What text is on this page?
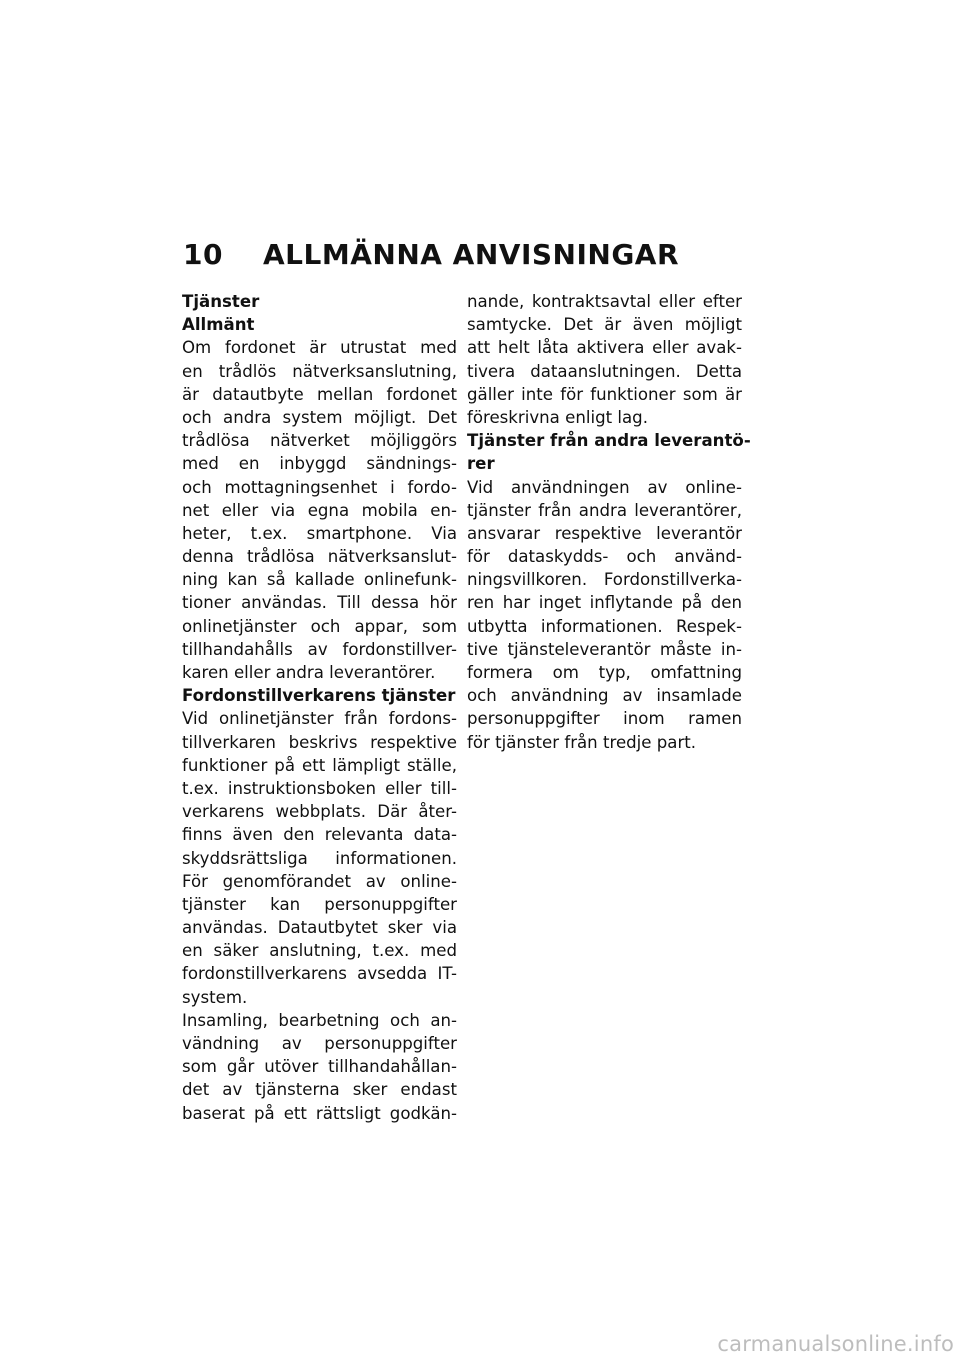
10 ALLMÄNNA ANVISNINGAR
Tjänster
Allmänt
Om fordonet är utrustat med
en trådlös nätverksanslutning,
är datautbyte mellan fordonet
och andra system möjligt. Det
trådlösa nätverket möjliggörs
med en inbyggd sändnings-
och mottagningsenhet i fordo-
net eller via egna mobila en-
heter, t.ex. smartphone. Via
denna trådlösa nätverksanslut-
ning kan så kallade onlinefunk-
tioner användas. Till dessa hör
onlinetjänster och appar, som
tillhandahålls av fordonstillver-
karen eller andra leverantörer.
Fordonstillverkarens tjänster
Vid onlinetjänster från fordons-
tillverkaren beskrivs respektive
funktioner på ett lämpligt ställe,
t.ex. instruktionsboken eller till-
verkarens webbplats. Där åter-
finns även den relevanta data-
skyddsrättsliga informationen.
För genomförandet av online-
tjänster kan personuppgifter
användas. Datautbytet sker via
en säker anslutning, t.ex. med
fordonstillverkarens avsedda IT-
system.
Insamling, bearbetning och an-
vändning av personuppgifter
som går utöver tillhandahållan-
det av tjänsterna sker endast
baserat på ett rättsligt godkän-
nande, kontraktsavtal eller efter
samtycke. Det är även möjligt
att helt låta aktivera eller avak-
tivera dataanslutningen. Detta
gäller inte för funktioner som är
föreskrivna enligt lag.
Tjänster från andra leverantö-
rer
Vid användningen av online-
tjänster från andra leverantörer,
ansvarar respektive leverantör
för dataskydds- och använd-
ningsvillkoren. Fordonstillverka-
ren har inget inflytande på den
utbytta informationen. Respek-
tive tjänsteleverantör måste in-
formera om typ, omfattning
och användning av insamlade
personuppgifter inom ramen
för tjänster från tredje part.
carmanualsonline.info
